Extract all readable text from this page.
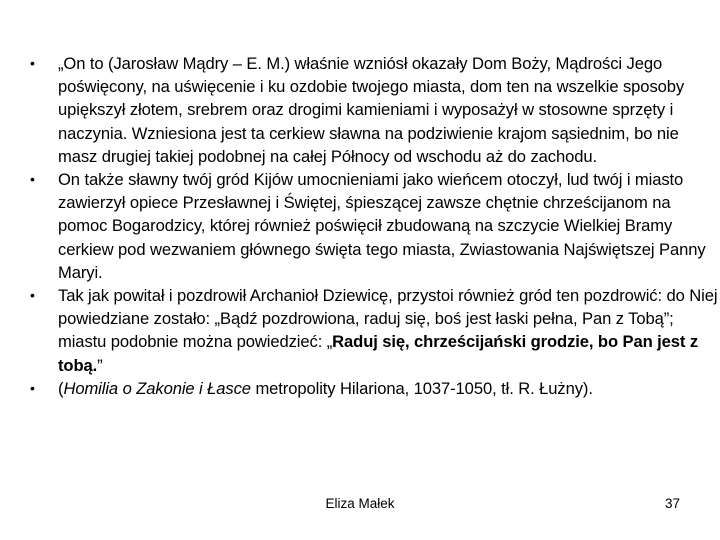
•	„On to (Jarosław Mądry – E. M.) właśnie wzniósł okazały Dom Boży, Mądrości Jego poświęcony, na uświęcenie i ku ozdobie twojego miasta, dom ten na wszelkie sposoby upiększył złotem, srebrem oraz drogimi kamieniami i wyposażył w stosowne sprzęty i naczynia. Wzniesiona jest ta cerkiew sławna na podziwienie krajom sąsiednim, bo nie masz drugiej takiej podobnej na całej Północy od wschodu aż do zachodu.
•	On także sławny twój gród Kijów umocnieniami jako wieńcem otoczył, lud twój i miasto zawierzył opiece Przesławnej i Świętej, śpieszącej zawsze chętnie chrześcijanom na pomoc Bogarodzicy, której również poświęcił zbudowaną na szczycie Wielkiej Bramy cerkiew pod wezwaniem głównego święta tego miasta, Zwiastowania Najświętszej Panny Maryi.
•	Tak jak powitał i pozdrowił Archanioł Dziewicę, przystoi również gród ten pozdrowić: do Niej powiedziane zostało: „Bądź pozdrowiona, raduj się, boś jest łaski pełna, Pan z Tobą”; miastu podobnie można powiedzieć: „Raduj się, chrześcijański grodzie, bo Pan jest z tobą.”
•	(Homilia o Zakonie i Łasce metropolity Hilariona, 1037-1050, tł. R. Łużny).
Eliza Małek	37
